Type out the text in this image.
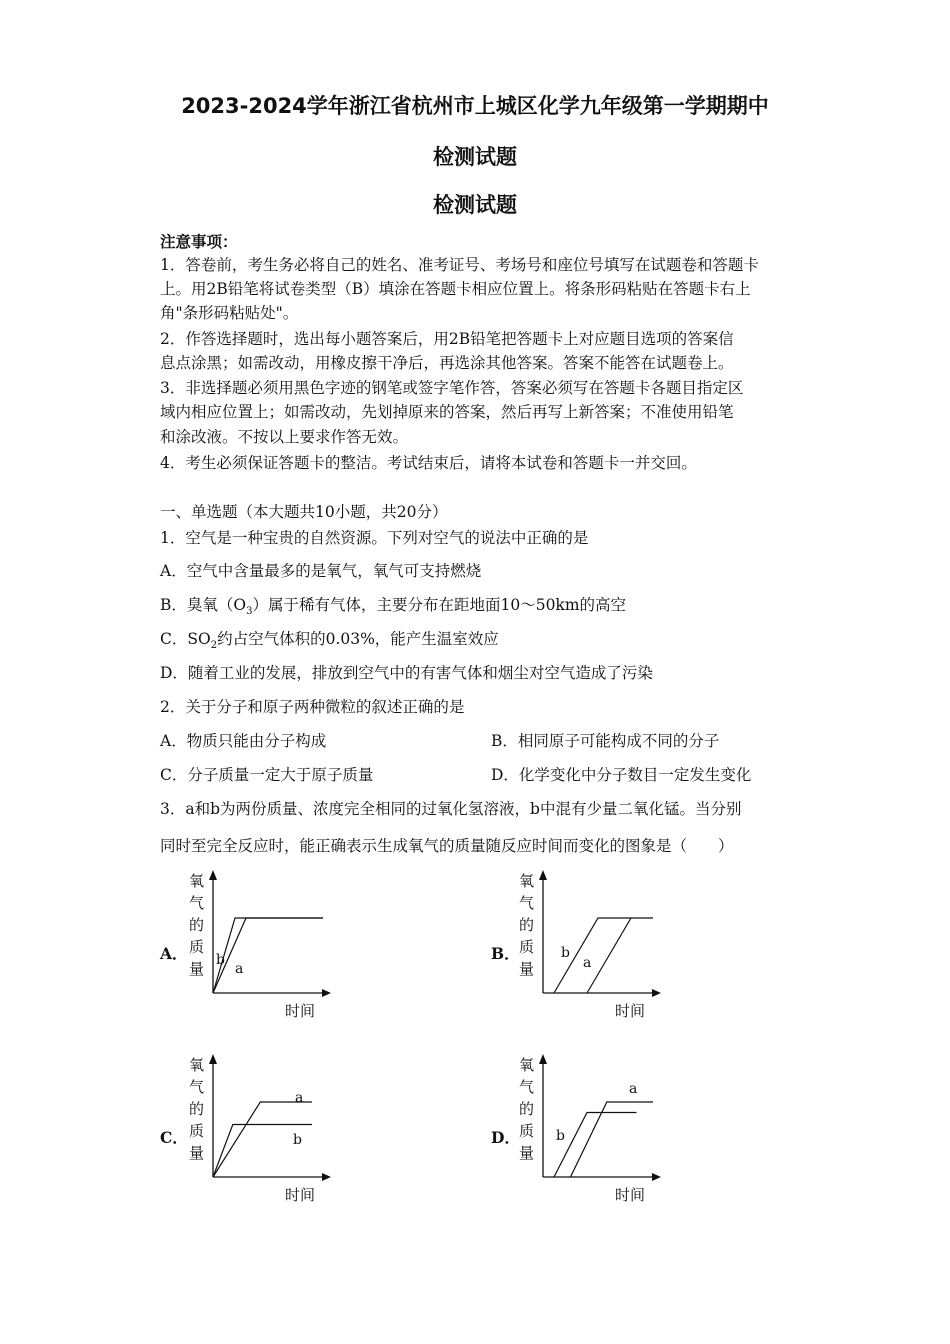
2023-2024学年浙江省杭州市上城区化学九年级第一学期期中
检测试题
检测试题
注意事项：
1．答卷前，考生务必将自己的姓名、准考证号、考场号和座位号填写在试题卷和答题卡
上。用2B铅笔将试卷类型（B）填涂在答题卡相应位置上。将条形码粘贴在答题卡右上
角"条形码粘贴处"。
2．作答选择题时，选出每小题答案后，用2B铅笔把答题卡上对应题目选项的答案信
息点涂黑；如需改动，用橡皮擦干净后，再选涂其他答案。答案不能答在试题卷上。
3．非选择题必须用黑色字迹的钢笔或签字笔作答，答案必须写在答题卡各题目指定区
域内相应位置上；如需改动，先划掉原来的答案，然后再写上新答案；不准使用铅笔
和涂改液。不按以上要求作答无效。
4．考生必须保证答题卡的整洁。考试结束后，请将本试卷和答题卡一并交回。
一、单选题（本大题共10小题，共20分）
1．空气是一种宝贵的自然资源。下列对空气的说法中正确的是
A．空气中含量最多的是氧气，氧气可支持燃烧
B．臭氧$(O_3)$属于稀有气体，主要分布在距地面10～50km的高空
C．$SO_2$约占空气体积的0.03%，能产生温室效应
D．随着工业的发展，排放到空气中的有害气体和烟尘对空气造成了污染
2．关于分子和原子两种微粒的叙述正确的是
A．物质只能由分子构成	B．相同原子可能构成不同的分子
C．分子质量一定大于原子质量	D．化学变化中分子数目一定发生变化
3．a和b为两份质量、浓度完全相同的过氧化氢溶液，b中混有少量二氧化锰。当分别
同时至完全反应时，能正确表示生成氧气的质量随反应时间而变化的图象是（　　）
A．	B．
C．	D．
氧
气
的
质
量
时间
b
a
氧
气
的
质
量
时间
b
a
氧
气
的
质
量
时间
a
b
氧
气
的
质
量
时间
b
a
